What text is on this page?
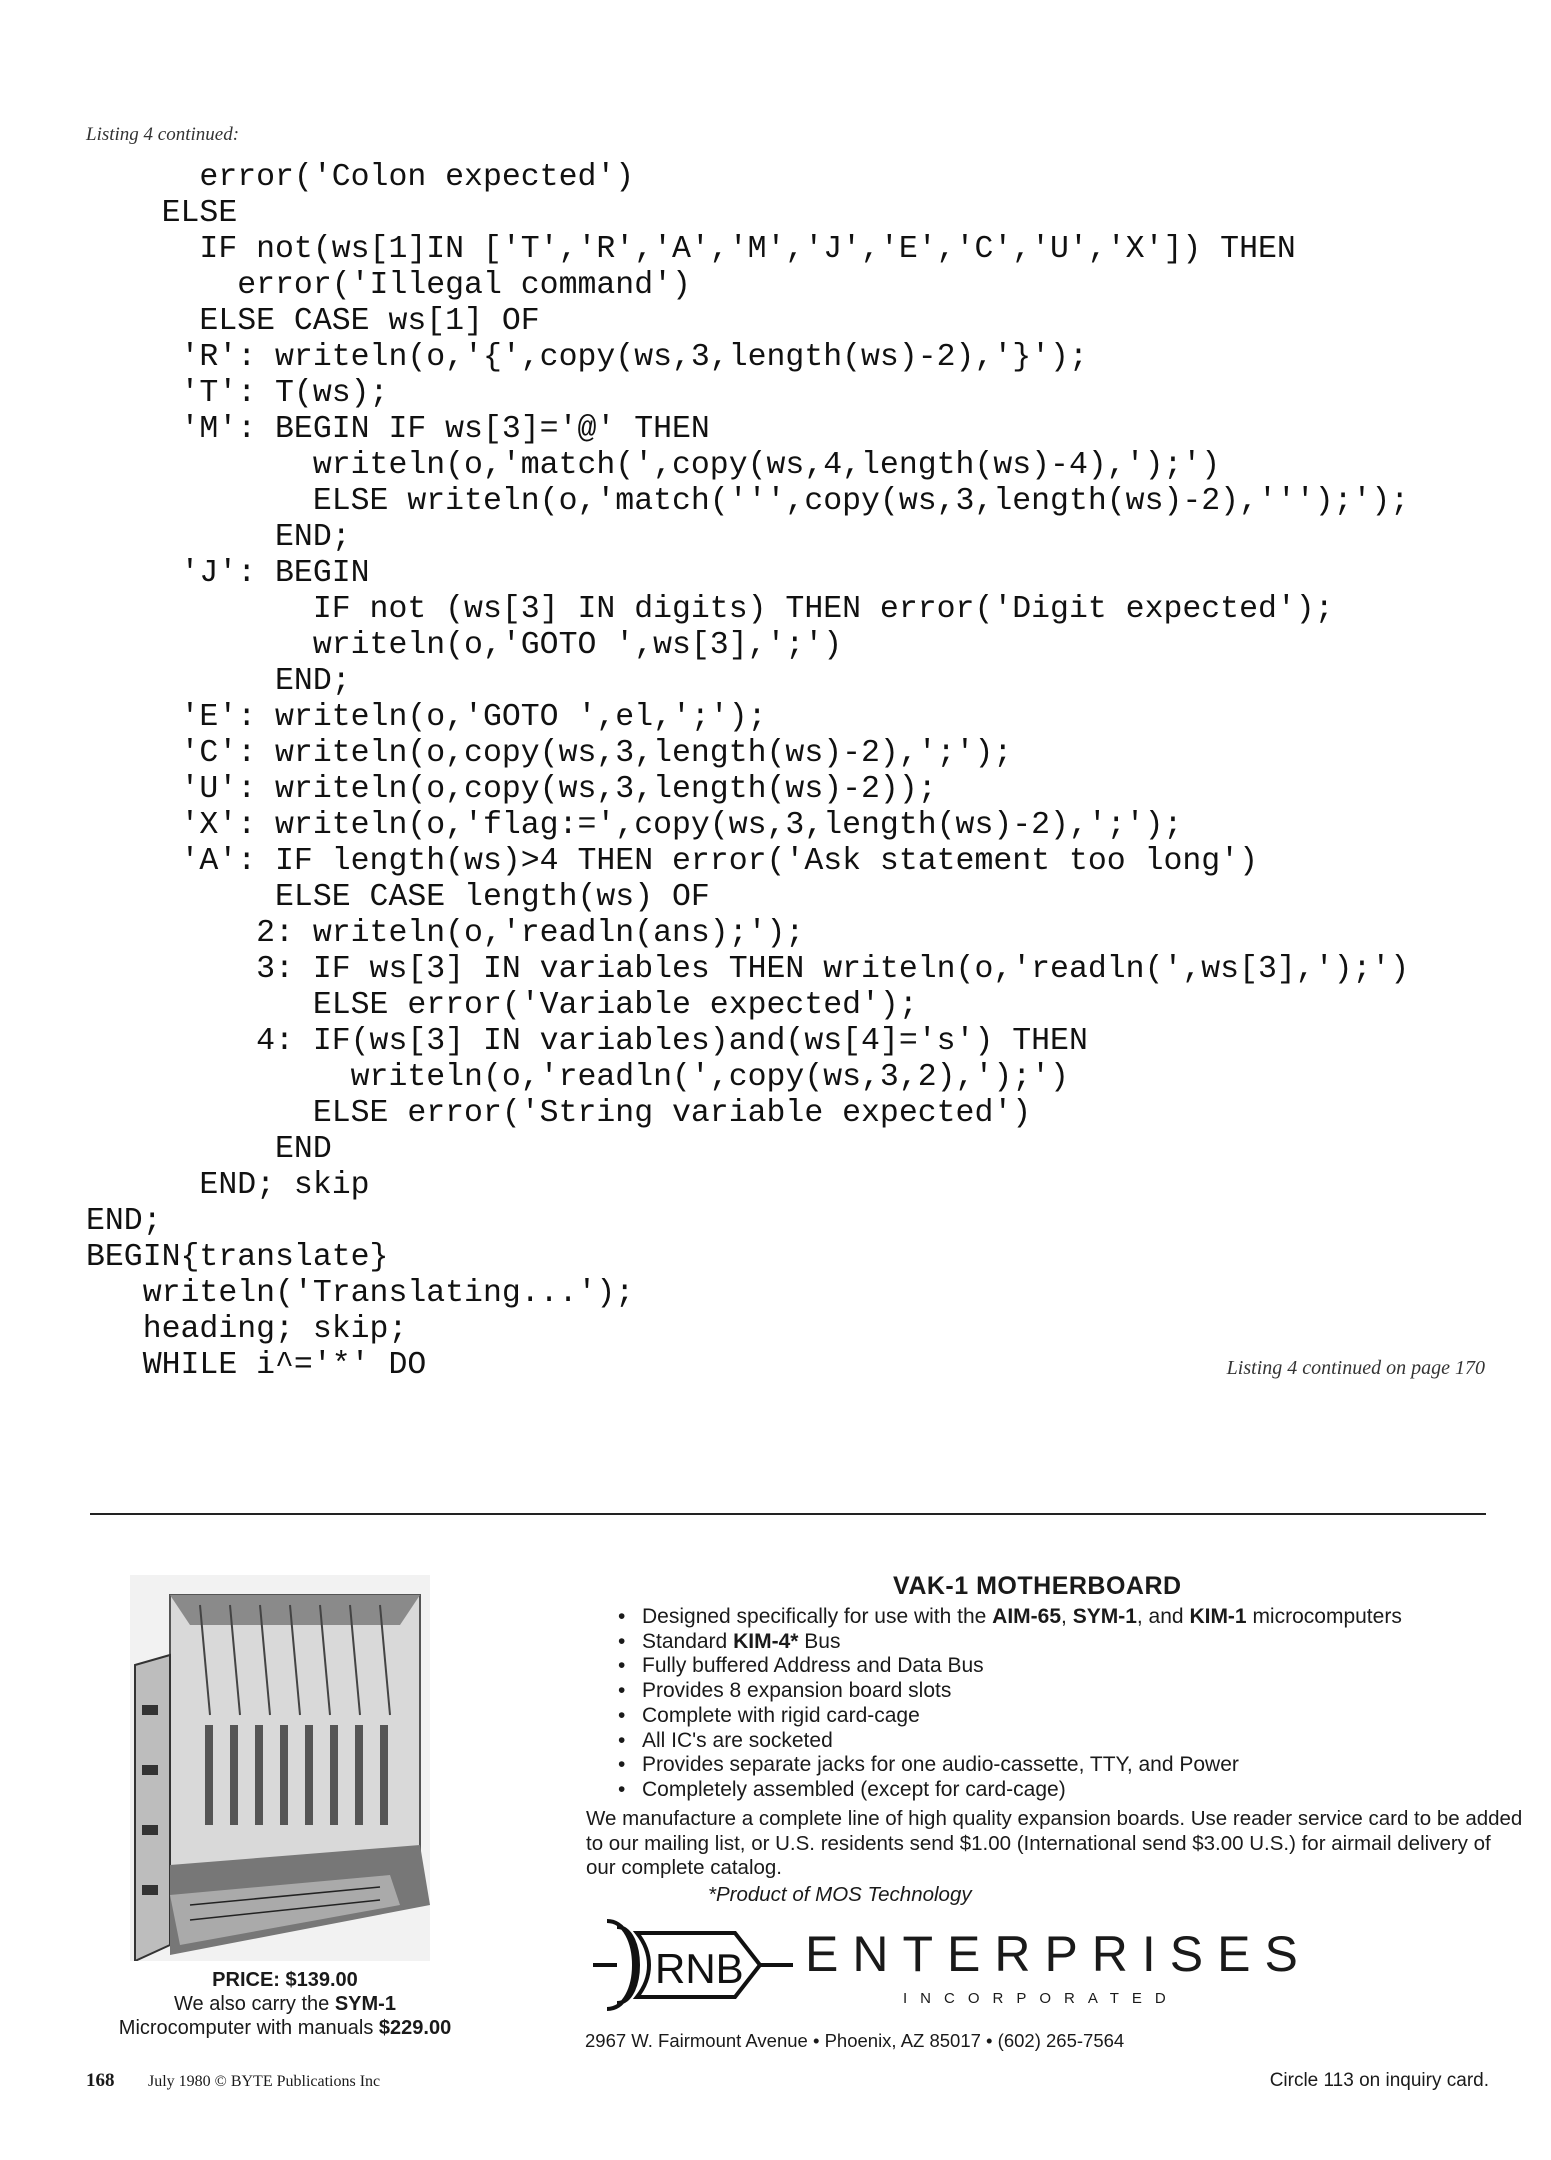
Listing 4 continued:
error('Colon expected')
ELSE
IF not(ws[1]IN ['T','R','A','M','J','E','C','U','X']) THEN
error('Illegal command')
ELSE CASE ws[1] OF
'R': writeln(o,'{',copy(ws,3,length(ws)-2),'}');
'T': T(ws);
'M': BEGIN IF ws[3]='@' THEN
writeln(o,'match(',copy(ws,4,length(ws)-4),');')
ELSE writeln(o,'match(''',copy(ws,3,length(ws)-2),''');');
END;
'J': BEGIN
IF not (ws[3] IN digits) THEN error('Digit expected');
writeln(o,'GOTO ',ws[3],';')
END;
'E': writeln(o,'GOTO ',el,';');
'C': writeln(o,copy(ws,3,length(ws)-2),';');
'U': writeln(o,copy(ws,3,length(ws)-2));
'X': writeln(o,'flag:=',copy(ws,3,length(ws)-2),';');
'A': IF length(ws)>4 THEN error('Ask statement too long')
ELSE CASE length(ws) OF
2: writeln(o,'readln(ans);');
3: IF ws[3] IN variables THEN writeln(o,'readln(',ws[3],');')
ELSE error('Variable expected');
4: IF(ws[3] IN variables)and(ws[4]='s') THEN
writeln(o,'readln(',copy(ws,3,2),');')
ELSE error('String variable expected')
END
END; skip
END;
BEGIN{translate}
writeln('Translating...');
heading; skip;
WHILE i^='*' DO	Listing 4 continued on page 170
PRICE: $139.00
We also carry the SYM-1
Microcomputer with manuals $229.00
VAK-1 MOTHERBOARD
• Designed specifically for use with the AIM-65, SYM-1, and KIM-1 microcomputers
• Standard KIM-4* Bus
• Fully buffered Address and Data Bus
• Provides 8 expansion board slots
• Complete with rigid card-cage
• All IC's are socketed
• Provides separate jacks for one audio-cassette, TTY, and Power
• Completely assembled (except for card-cage)
We manufacture a complete line of high quality expansion boards. Use reader service card to be added to our mailing list, or U.S. residents send $1.00 (International send $3.00 U.S.) for airmail delivery of our complete catalog.
*Product of MOS Technology
RNB ENTERPRISES
INCORPORATED
2967 W. Fairmount Avenue • Phoenix, AZ 85017 • (602) 265-7564
168 July 1980 © BYTE Publications Inc	Circle 113 on inquiry card.
